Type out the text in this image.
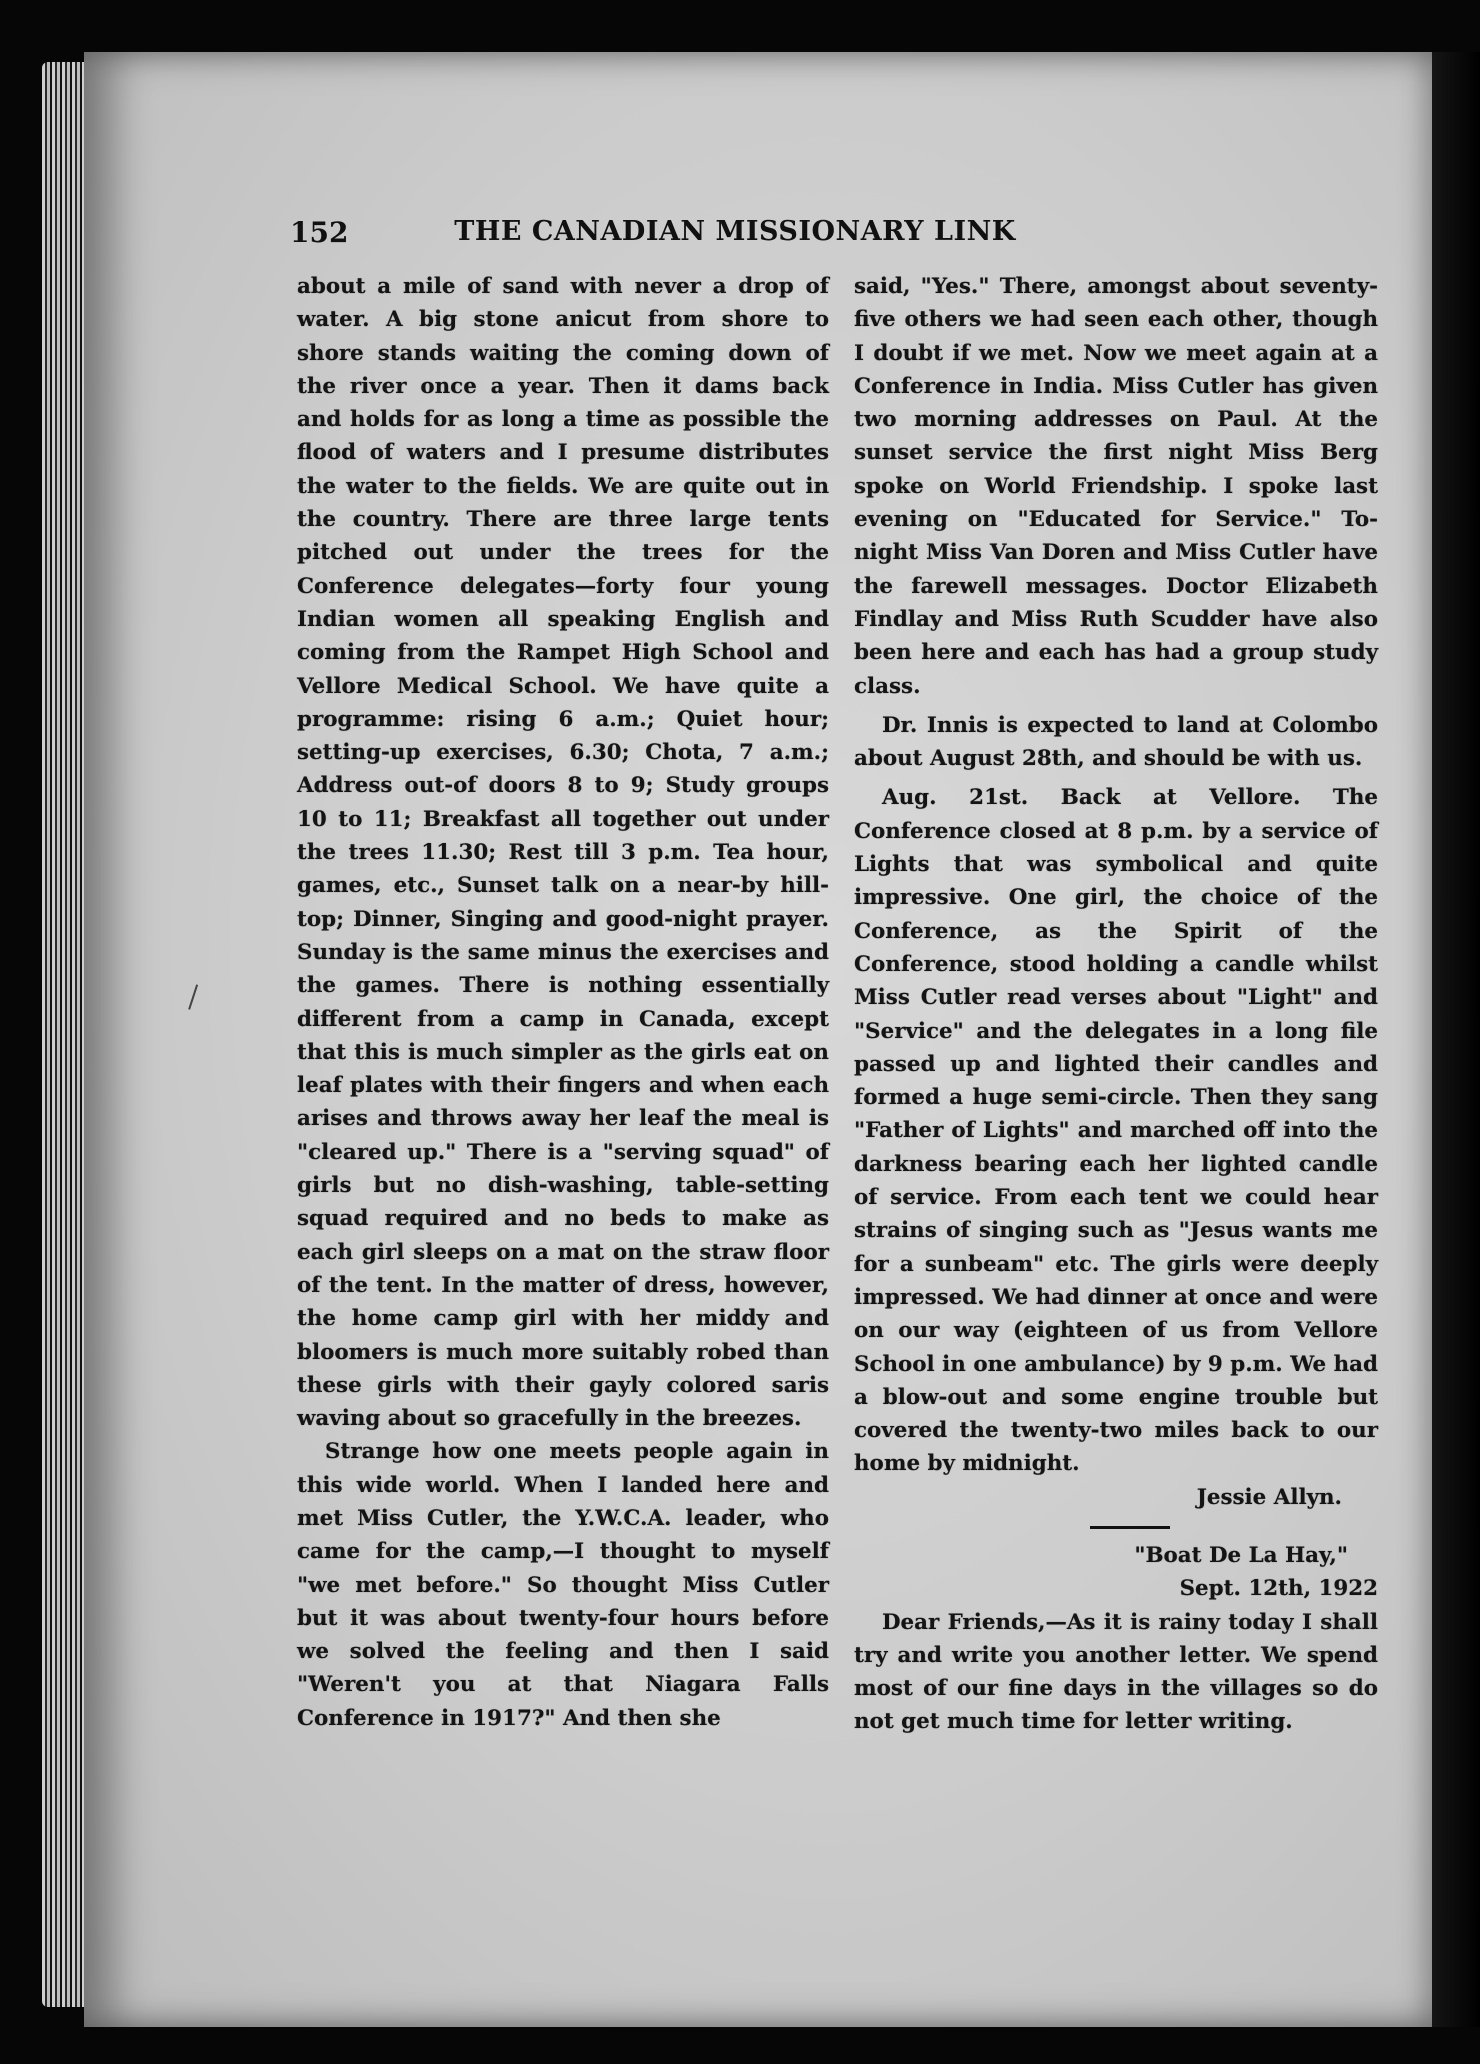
152	THE CANADIAN MISSIONARY LINK

about a mile of sand with never a drop of water. A big stone anicut from shore to shore stands waiting the coming down of the river once a year. Then it dams back and holds for as long a time as possible the flood of waters and I presume distributes the water to the fields. We are quite out in the country. There are three large tents pitched out under the trees for the Conference delegates—forty four young Indian women all speaking English and coming from the Rampet High School and Vellore Medical School. We have quite a programme: rising 6 a.m.; Quiet hour; setting-up exercises, 6.30; Chota, 7 a.m.; Address out-of doors 8 to 9; Study groups 10 to 11; Breakfast all together out under the trees 11.30; Rest till 3 p.m. Tea hour, games, etc., Sunset talk on a near-by hill-top; Dinner, Singing and good-night prayer. Sunday is the same minus the exercises and the games. There is nothing essentially different from a camp in Canada, except that this is much simpler as the girls eat on leaf plates with their fingers and when each arises and throws away her leaf the meal is "cleared up." There is a "serving squad" of girls but no dish-washing, table-setting squad required and no beds to make as each girl sleeps on a mat on the straw floor of the tent. In the matter of dress, however, the home camp girl with her middy and bloomers is much more suitably robed than these girls with their gayly colored saris waving about so gracefully in the breezes.

Strange how one meets people again in this wide world. When I landed here and met Miss Cutler, the Y.W.C.A. leader, who came for the camp,—I thought to myself "we met before." So thought Miss Cutler but it was about twenty-four hours before we solved the feeling and then I said "Weren't you at that Niagara Falls Conference in 1917?" And then she

said, "Yes." There, amongst about seventy-five others we had seen each other, though I doubt if we met. Now we meet again at a Conference in India. Miss Cutler has given two morning addresses on Paul. At the sunset service the first night Miss Berg spoke on World Friendship. I spoke last evening on "Educated for Service." To-night Miss Van Doren and Miss Cutler have the farewell messages. Doctor Elizabeth Findlay and Miss Ruth Scudder have also been here and each has had a group study class.

Dr. Innis is expected to land at Colombo about August 28th, and should be with us.

Aug. 21st. Back at Vellore. The Conference closed at 8 p.m. by a service of Lights that was symbolical and quite impressive. One girl, the choice of the Conference, as the Spirit of the Conference, stood holding a candle whilst Miss Cutler read verses about "Light" and "Service" and the delegates in a long file passed up and lighted their candles and formed a huge semi-circle. Then they sang "Father of Lights" and marched off into the darkness bearing each her lighted candle of service. From each tent we could hear strains of singing such as "Jesus wants me for a sunbeam" etc. The girls were deeply impressed. We had dinner at once and were on our way (eighteen of us from Vellore School in one ambulance) by 9 p.m. We had a blow-out and some engine trouble but covered the twenty-two miles back to our home by midnight.

Jessie Allyn.

"Boat De La Hay,"

Sept. 12th, 1922

Dear Friends,—As it is rainy today I shall try and write you another letter. We spend most of our fine days in the villages so do not get much time for letter writing.
